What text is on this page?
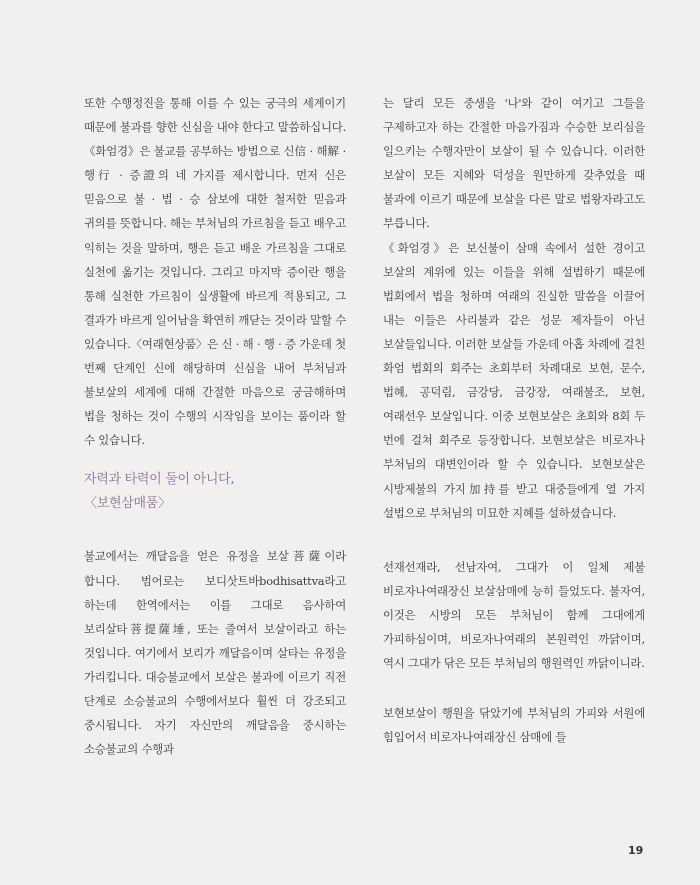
또한 수행정진을 통해 이를 수 있는 궁극의 세계이기 때문에 불과를 향한 신심을 내야 한다고 말씀하십니다.《화엄경》은 불교를 공부하는 방법으로 신信 · 해解 · 행行 · 증證의 네 가지를 제시합니다. 먼저 신은 믿음으로 불 · 법 · 승 삼보에 대한 철저한 믿음과 귀의를 뜻합니다. 해는 부처님의 가르침을 듣고 배우고 익히는 것을 말하며, 행은 듣고 배운 가르침을 그대로 실천에 옮기는 것입니다. 그리고 마지막 증이란 행을 통해 실천한 가르침이 실생활에 바르게 적용되고, 그 결과가 바르게 일어남을 확연히 깨닫는 것이라 말할 수 있습니다.〈여래현상품〉은 신 · 해 · 행 · 증 가운데 첫 번째 단계인 신에 해당하며 신심을 내어 부처님과 불보살의 세계에 대해 간절한 마음으로 궁금해하며 법을 청하는 것이 수행의 시작임을 보이는 품이라 할 수 있습니다.

자력과 타력이 둘이 아니다,
〈보현삼매품〉

불교에서는 깨달음을 얻은 유정을 보살菩薩이라 합니다. 범어로는 보디삿트바bodhisattva라고 하는데 한역에서는 이를 그대로 음사하여 보리살타菩提薩埵, 또는 줄여서 보살이라고 하는 것입니다. 여기에서 보리가 깨달음이며 살타는 유정을 가리킵니다. 대승불교에서 보살은 불과에 이르기 직전 단계로 소승불교의 수행에서보다 훨씬 더 강조되고 중시됩니다. 자기 자신만의 깨달음을 중시하는 소승불교의 수행과

는 달리 모든 중생을 '나'와 같이 여기고 그들을 구제하고자 하는 간절한 마음가짐과 수승한 보리심을 일으키는 수행자만이 보살이 될 수 있습니다. 이러한 보살이 모든 지혜와 덕성을 원만하게 갖추었을 때 불과에 이르기 때문에 보살을 다른 말로 법왕자라고도 부릅니다.

《화엄경》은 보신불이 삼매 속에서 설한 경이고 보살의 계위에 있는 이들을 위해 설법하기 때문에 법회에서 법을 청하며 여래의 진실한 말씀을 이끌어 내는 이들은 사리불과 같은 성문 제자들이 아닌 보살들입니다. 이러한 보살들 가운데 아홉 차례에 걸친 화엄 법회의 회주는 초회부터 차례대로 보현, 문수, 법혜, 공덕림, 금강당, 금강장, 여래불조, 보현, 여래선우 보살입니다. 이중 보현보살은 초회와 8회 두 번에 걸쳐 회주로 등장합니다. 보현보살은 비로자나 부처님의 대변인이라 할 수 있습니다. 보현보살은 시방제불의 가지加持를 받고 대중들에게 열 가지 설법으로 부처님의 미묘한 지혜를 설하셨습니다.

선재선재라, 선남자여, 그대가 이 일체 제불 비로자나여래장신 보살삼매에 능히 들었도다. 불자여, 이것은 시방의 모든 부처님이 함께 그대에게 가피하심이며, 비로자나여래의 본원력인 까닭이며, 역시 그대가 닦은 모든 부처님의 행원력인 까닭이니라.

보현보살이 행원을 닦았기에 부처님의 가피와 서원에 힘입어서 비로자나여래장신 삼매에 들

19
